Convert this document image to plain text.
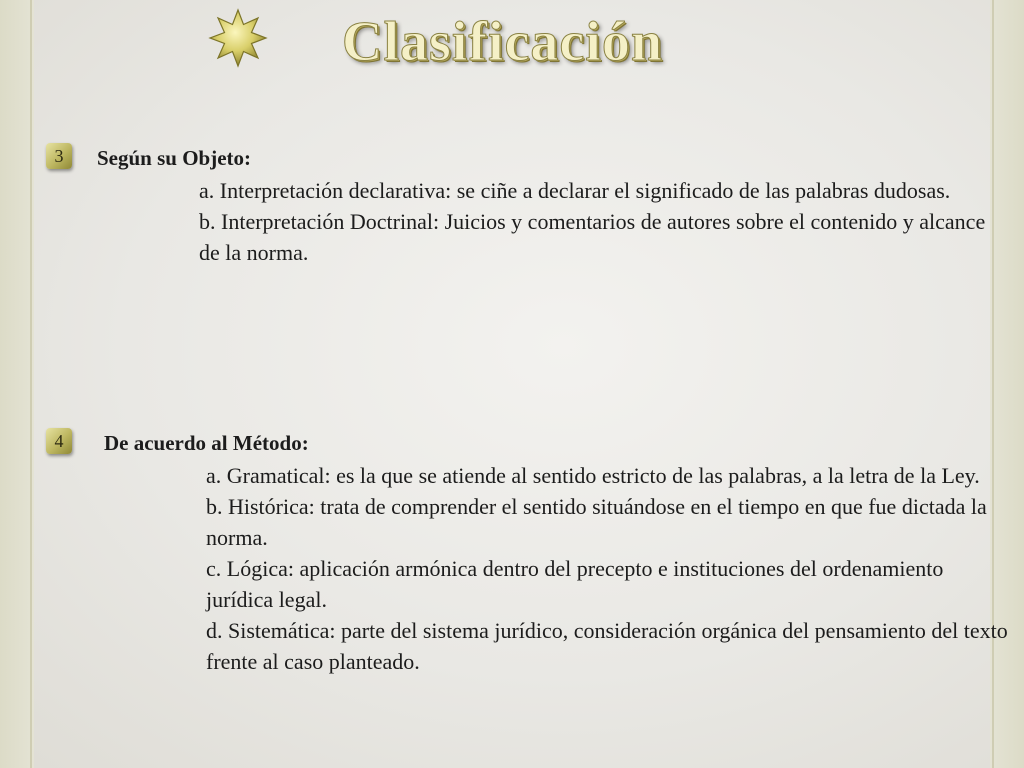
Clasificación
3	Según su Objeto:
a. Interpretación declarativa: se ciñe a declarar el significado de las palabras dudosas.
b. Interpretación Doctrinal: Juicios y comentarios de autores sobre el contenido y alcance de la norma.
4	De acuerdo al Método:
a. Gramatical: es la que se atiende al sentido estricto de las palabras, a la letra de la Ley.
b. Histórica: trata de comprender el sentido situándose en el tiempo en que fue dictada la norma.
c. Lógica: aplicación armónica dentro del precepto e instituciones del ordenamiento jurídica legal.
d. Sistemática: parte del sistema jurídico, consideración orgánica del pensamiento del texto frente al caso planteado.
